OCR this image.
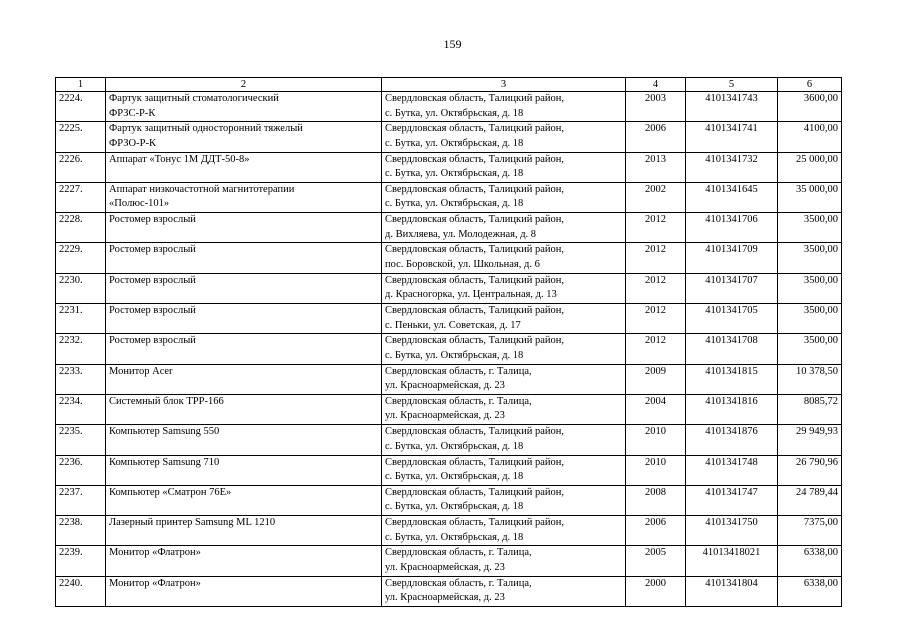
159
1	2	3	4	5	6

2224.	Фартук защитный стоматологический
ФРЗС-Р-К	Свердловская область, Талицкий район,
с. Бутка, ул. Октябрьская, д. 18	2003	4101341743	3600,00

2225.	Фартук защитный односторонний тяжелый
ФРЗО-Р-К	Свердловская область, Талицкий район,
с. Бутка, ул. Октябрьская, д. 18	2006	4101341741	4100,00

2226.	Аппарат «Тонус 1М ДДТ-50-8»	Свердловская область, Талицкий район,
с. Бутка, ул. Октябрьская, д. 18	2013	4101341732	25 000,00

2227.	Аппарат низкочастотной магнитотерапии
«Полюс-101»	Свердловская область, Талицкий район,
с. Бутка, ул. Октябрьская, д. 18	2002	4101341645	35 000,00

2228.	Ростомер взрослый	Свердловская область, Талицкий район,
д. Вихляева, ул. Молодежная, д. 8	2012	4101341706	3500,00

2229.	Ростомер взрослый	Свердловская область, Талицкий район,
пос. Боровской, ул. Школьная, д. 6	2012	4101341709	3500,00

2230.	Ростомер взрослый	Свердловская область, Талицкий район,
д. Красногорка, ул. Центральная, д. 13	2012	4101341707	3500,00

2231.	Ростомер взрослый	Свердловская область, Талицкий район,
с. Пеньки, ул. Советская, д. 17	2012	4101341705	3500,00

2232.	Ростомер взрослый	Свердловская область, Талицкий район,
с. Бутка, ул. Октябрьская, д. 18	2012	4101341708	3500,00

2233.	Монитор Acer	Свердловская область, г. Талица,
ул. Красноармейская, д. 23	2009	4101341815	10 378,50

2234.	Системный блок TPP-166	Свердловская область, г. Талица,
ул. Красноармейская, д. 23	2004	4101341816	8085,72

2235.	Компьютер Samsung 550	Свердловская область, Талицкий район,
с. Бутка, ул. Октябрьская, д. 18	2010	4101341876	29 949,93

2236.	Компьютер Samsung 710	Свердловская область, Талицкий район,
с. Бутка, ул. Октябрьская, д. 18	2010	4101341748	26 790,96

2237.	Компьютер «Сматрон 76Е»	Свердловская область, Талицкий район,
с. Бутка, ул. Октябрьская, д. 18	2008	4101341747	24 789,44

2238.	Лазерный принтер Samsung ML 1210	Свердловская область, Талицкий район,
с. Бутка, ул. Октябрьская, д. 18	2006	4101341750	7375,00

2239.	Монитор «Флатрон»	Свердловская область, г. Талица,
ул. Красноармейская, д. 23	2005	41013418021	6338,00

2240.	Монитор «Флатрон»	Свердловская область, г. Талица,
ул. Красноармейская, д. 23	2000	4101341804	6338,00
